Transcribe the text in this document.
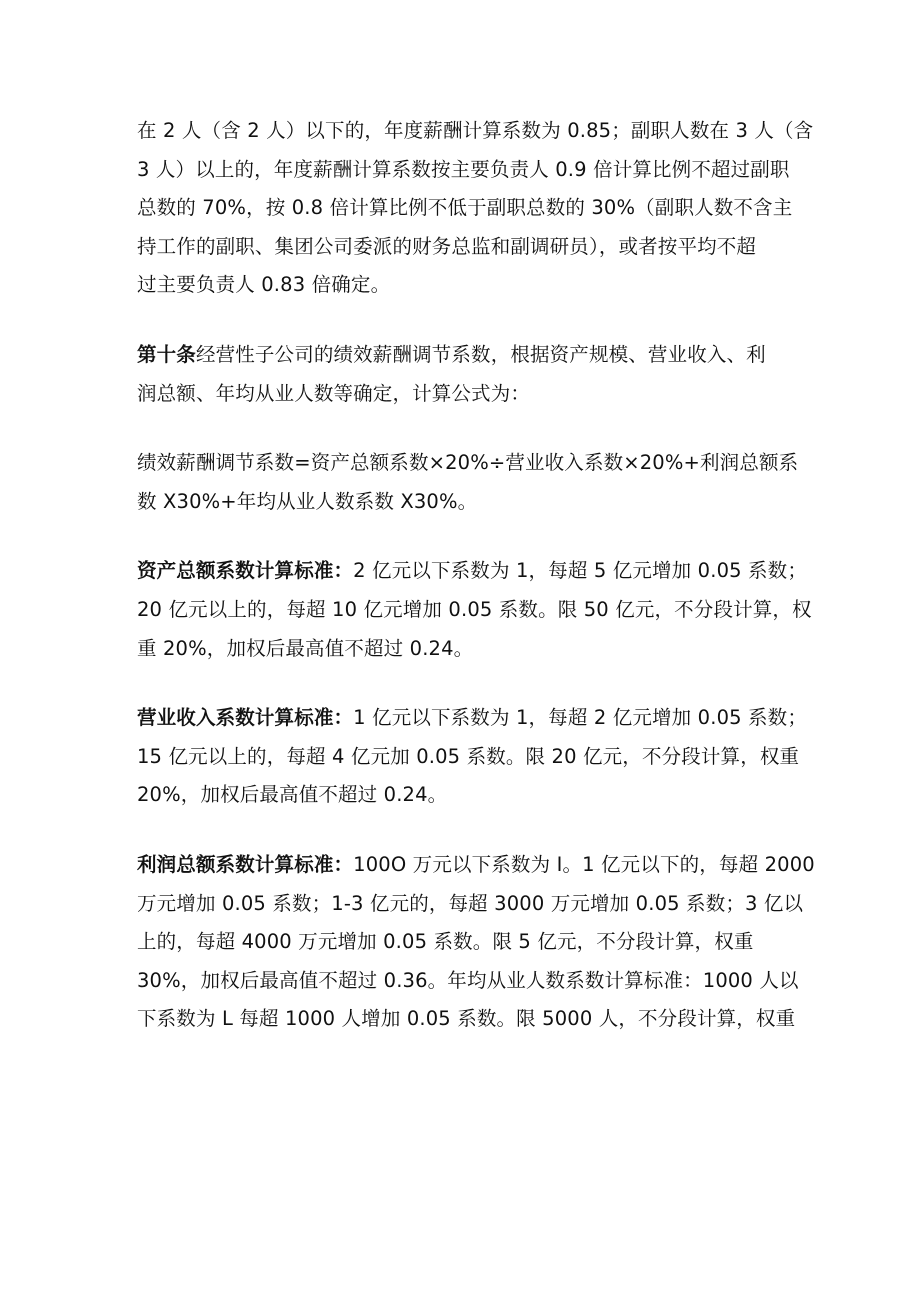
在 2 人（含 2 人）以下的，年度薪酬计算系数为 0.85；副职人数在 3 人（含
3 人）以上的，年度薪酬计算系数按主要负责人 0.9 倍计算比例不超过副职
总数的 70%，按 0.8 倍计算比例不低于副职总数的 30%（副职人数不含主
持工作的副职、集团公司委派的财务总监和副调研员），或者按平均不超
过主要负责人 0.83 倍确定。

第十条经营性子公司的绩效薪酬调节系数，根据资产规模、营业收入、利
润总额、年均从业人数等确定，计算公式为：

绩效薪酬调节系数=资产总额系数×20%÷营业收入系数×20%+利润总额系
数 X30%+年均从业人数系数 X30%。

资产总额系数计算标准：2 亿元以下系数为 1，每超 5 亿元增加 0.05 系数；
20 亿元以上的，每超 10 亿元增加 0.05 系数。限 50 亿元，不分段计算，权
重 20%，加权后最高值不超过 0.24。

营业收入系数计算标准：1 亿元以下系数为 1，每超 2 亿元增加 0.05 系数；
15 亿元以上的，每超 4 亿元加 0.05 系数。限 20 亿元，不分段计算，权重
20%，加权后最高值不超过 0.24。

利润总额系数计算标准：100O 万元以下系数为 I。1 亿元以下的，每超 2000
万元增加 0.05 系数；1-3 亿元的，每超 3000 万元增加 0.05 系数；3 亿以
上的，每超 4000 万元增加 0.05 系数。限 5 亿元，不分段计算，权重
30%，加权后最高值不超过 0.36。年均从业人数系数计算标准：1000 人以
下系数为 L 每超 1000 人增加 0.05 系数。限 5000 人，不分段计算，权重
